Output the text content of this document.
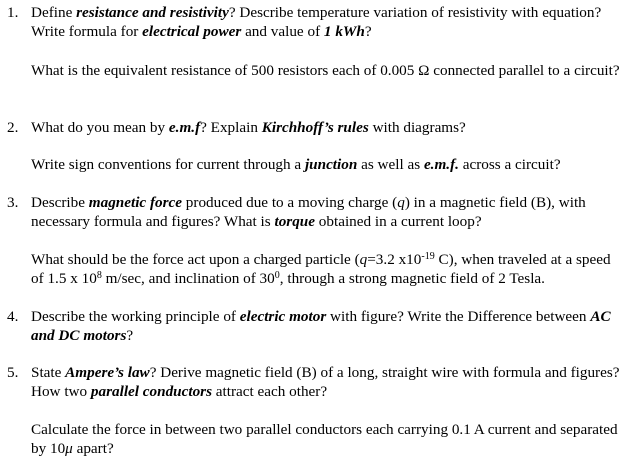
1. Define resistance and resistivity? Describe temperature variation of resistivity with equation? Write formula for electrical power and value of 1 kWh?
What is the equivalent resistance of 500 resistors each of 0.005 Ω connected parallel to a circuit?
2. What do you mean by e.m.f? Explain Kirchhoff’s rules with diagrams?
Write sign conventions for current through a junction as well as e.m.f. across a circuit?
3. Describe magnetic force produced due to a moving charge (q) in a magnetic field (B), with necessary formula and figures? What is torque obtained in a current loop?
What should be the force act upon a charged particle (q=3.2 $x10^{-19}$ C), when traveled at a speed of 1.5 x $10^8$ m/sec, and inclination of $30^0$, through a strong magnetic field of 2 Tesla.
4. Describe the working principle of electric motor with figure? Write the Difference between AC and DC motors?
5. State Ampere’s law? Derive magnetic field (B) of a long, straight wire with formula and figures? How two parallel conductors attract each other?
Calculate the force in between two parallel conductors each carrying 0.1 A current and separated by 10μ apart?
